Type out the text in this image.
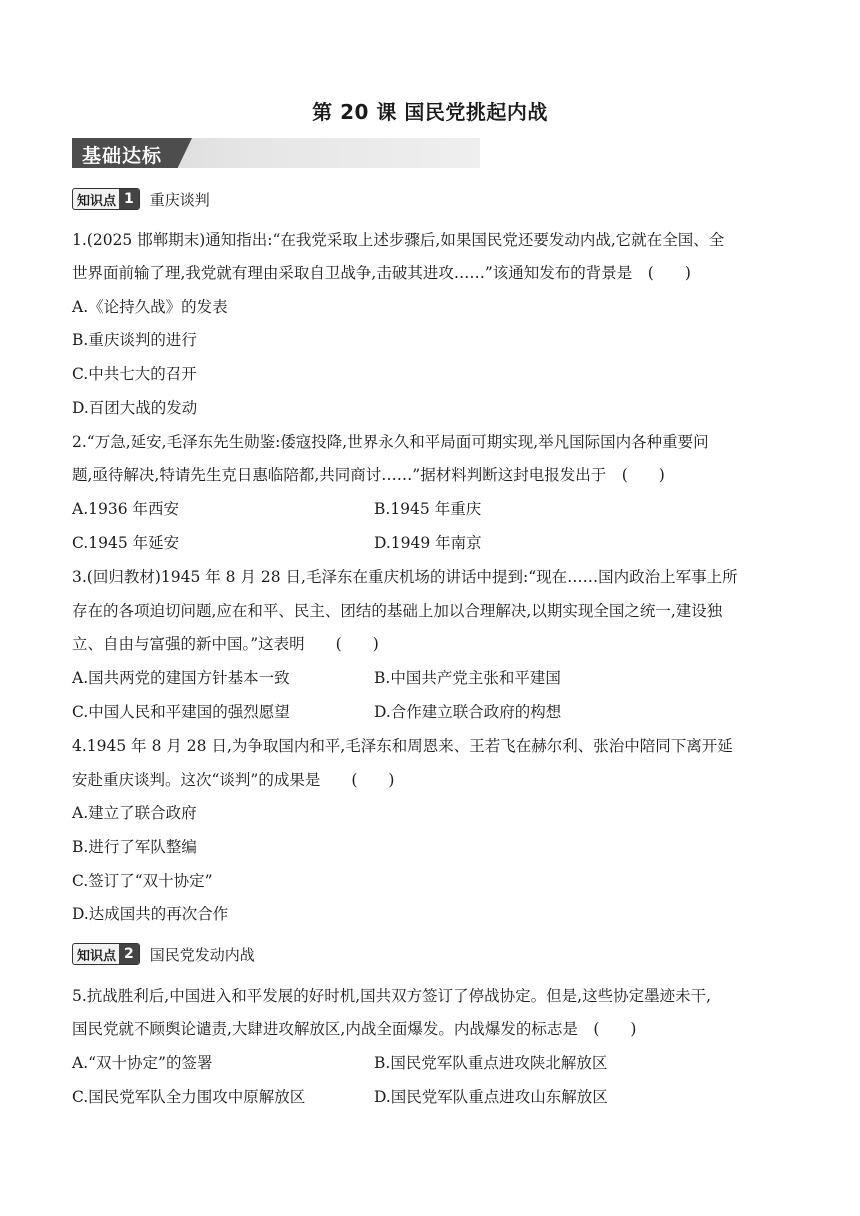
第 20 课 国民党挑起内战
基础达标
知识点 1	重庆谈判
1.(2025 邯郸期末)通知指出:“在我党采取上述步骤后,如果国民党还要发动内战,它就在全国、全
世界面前输了理,我党就有理由采取自卫战争,击破其进攻……”该通知发布的背景是　(　　)
A.《论持久战》的发表
B.重庆谈判的进行
C.中共七大的召开
D.百团大战的发动
2.“万急,延安,毛泽东先生勋鉴:倭寇投降,世界永久和平局面可期实现,举凡国际国内各种重要问
题,亟待解决,特请先生克日惠临陪都,共同商讨……”据材料判断这封电报发出于　(　　)
A.1936 年西安	B.1945 年重庆
C.1945 年延安	D.1949 年南京
3.(回归教材)1945 年 8 月 28 日,毛泽东在重庆机场的讲话中提到:“现在……国内政治上军事上所
存在的各项迫切问题,应在和平、民主、团结的基础上加以合理解决,以期实现全国之统一,建设独
立、自由与富强的新中国。”这表明　　(　　)
A.国共两党的建国方针基本一致	B.中国共产党主张和平建国
C.中国人民和平建国的强烈愿望	D.合作建立联合政府的构想
4.1945 年 8 月 28 日,为争取国内和平,毛泽东和周恩来、王若飞在赫尔利、张治中陪同下离开延
安赴重庆谈判。这次“谈判”的成果是　　(　　)
A.建立了联合政府
B.进行了军队整编
C.签订了“双十协定”
D.达成国共的再次合作
知识点 2	国民党发动内战
5.抗战胜利后,中国进入和平发展的好时机,国共双方签订了停战协定。但是,这些协定墨迹未干,
国民党就不顾舆论谴责,大肆进攻解放区,内战全面爆发。内战爆发的标志是　(　　)
A.“双十协定”的签署	B.国民党军队重点进攻陕北解放区
C.国民党军队全力围攻中原解放区	D.国民党军队重点进攻山东解放区
